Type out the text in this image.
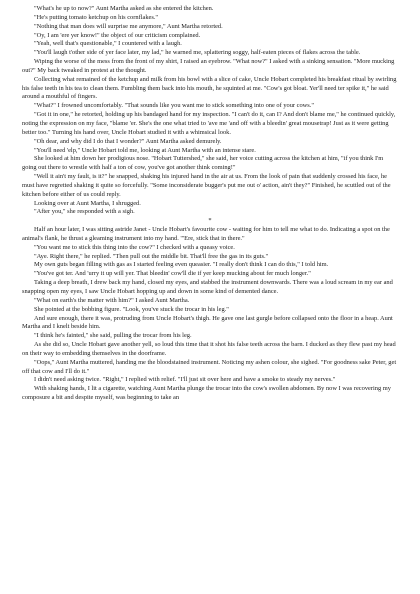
"What's he up to now?" Aunt Martha asked as she entered the kitchen.

"He's putting tomato ketchup on his cornflakes."

"Nothing that man does will surprise me anymore," Aunt Martha retorted.

"Oy, I am 'ere yer know!" the object of our criticism complained.

"Yeah, well that's questionable," I countered with a laugh.

"You'll laugh t'other side of yer face later, my lad," he warned me, splattering soggy, half-eaten pieces of flakes across the table.

Wiping the worse of the mess from the front of my shirt, I raised an eyebrow. "What now?" I asked with a sinking sensation. "More mucking out?" My back tweaked in protest at the thought.

Collecting what remained of the ketchup and milk from his bowl with a slice of cake, Uncle Hobart completed his breakfast ritual by swirling his false teeth in his tea to clean them. Fumbling them back into his mouth, he squinted at me. "Cow's got bloat. Yer'll need ter spike it," he said around a mouthful of fingers.

"What?" I frowned uncomfortably. "That sounds like you want me to stick something into one of your cows."

"Got it in one," he retorted, holding up his bandaged hand for my inspection. "I can't do it, can I? And don't blame me," he continued quickly, noting the expression on my face, "blame 'er. She's the one what tried to 'ave me 'and off with a bleedin' great mousetrap! Just as it were getting better too." Turning his hand over, Uncle Hobart studied it with a whimsical look.

"Oh dear, and why did I do that I wonder?" Aunt Martha asked demurely.

"You'll need 'elp," Uncle Hobart told me, looking at Aunt Martha with an intense stare.

She looked at him down her prodigious nose. "Hobart Tuttershed," she said, her voice cutting across the kitchen at him, "if you think I'm going out there to wrestle with half a ton of cow, you've got another think coming!"

"Well it ain't my fault, is it?" he snapped, shaking his injured hand in the air at us. From the look of pain that suddenly crossed his face, he must have regretted shaking it quite so forcefully. "Some inconsiderate bugger's put me out o' action, ain't they?" Finished, he scuttled out of the kitchen before either of us could reply.

Looking over at Aunt Martha, I shrugged.

"After you," she responded with a sigh.

*

Half an hour later, I was sitting astride Janet - Uncle Hobart's favourite cow - waiting for him to tell me what to do. Indicating a spot on the animal's flank, he thrust a gleaming instrument into my hand. "'Ere, stick that in there."

"You want me to stick this thing into the cow?" I checked with a queasy voice.

"Aye. Right there," he replied. "Then pull out the middle bit. That'll free the gas in its guts."

My own guts began filling with gas as I started feeling even queasier. "I really don't think I can do this," I told him.

"You've got ter. And 'urry it up will yer. That bleedin' cow'll die if yer keep mucking about fer much longer."

Taking a deep breath, I drew back my hand, closed my eyes, and stabbed the instrument downwards. There was a loud scream in my ear and snapping open my eyes, I saw Uncle Hobart hopping up and down in some kind of demented dance.

"What on earth's the matter with him?" I asked Aunt Martha.

She pointed at the bobbing figure. "Look, you've stuck the trocar in his leg."

And sure enough, there it was, protruding from Uncle Hobart's thigh. He gave one last gurgle before collapsed onto the floor in a heap. Aunt Martha and I knelt beside him.

"I think he's fainted," she said, pulling the trocar from his leg.

As she did so, Uncle Hobart gave another yell, so loud this time that it shot his false teeth across the barn. I ducked as they flew past my head on their way to embedding themselves in the doorframe.

"Oops," Aunt Martha muttered, handing me the bloodstained instrument. Noticing my ashen colour, she sighed. "For goodness sake Peter, get off that cow and I'll do it."

I didn't need asking twice. "Right," I replied with relief. "I'll just sit over here and have a smoke to steady my nerves."

With shaking hands, I lit a cigarette, watching Aunt Martha plunge the trocar into the cow's swollen abdomen. By now I was recovering my composure a bit and despite myself, was beginning to take an
